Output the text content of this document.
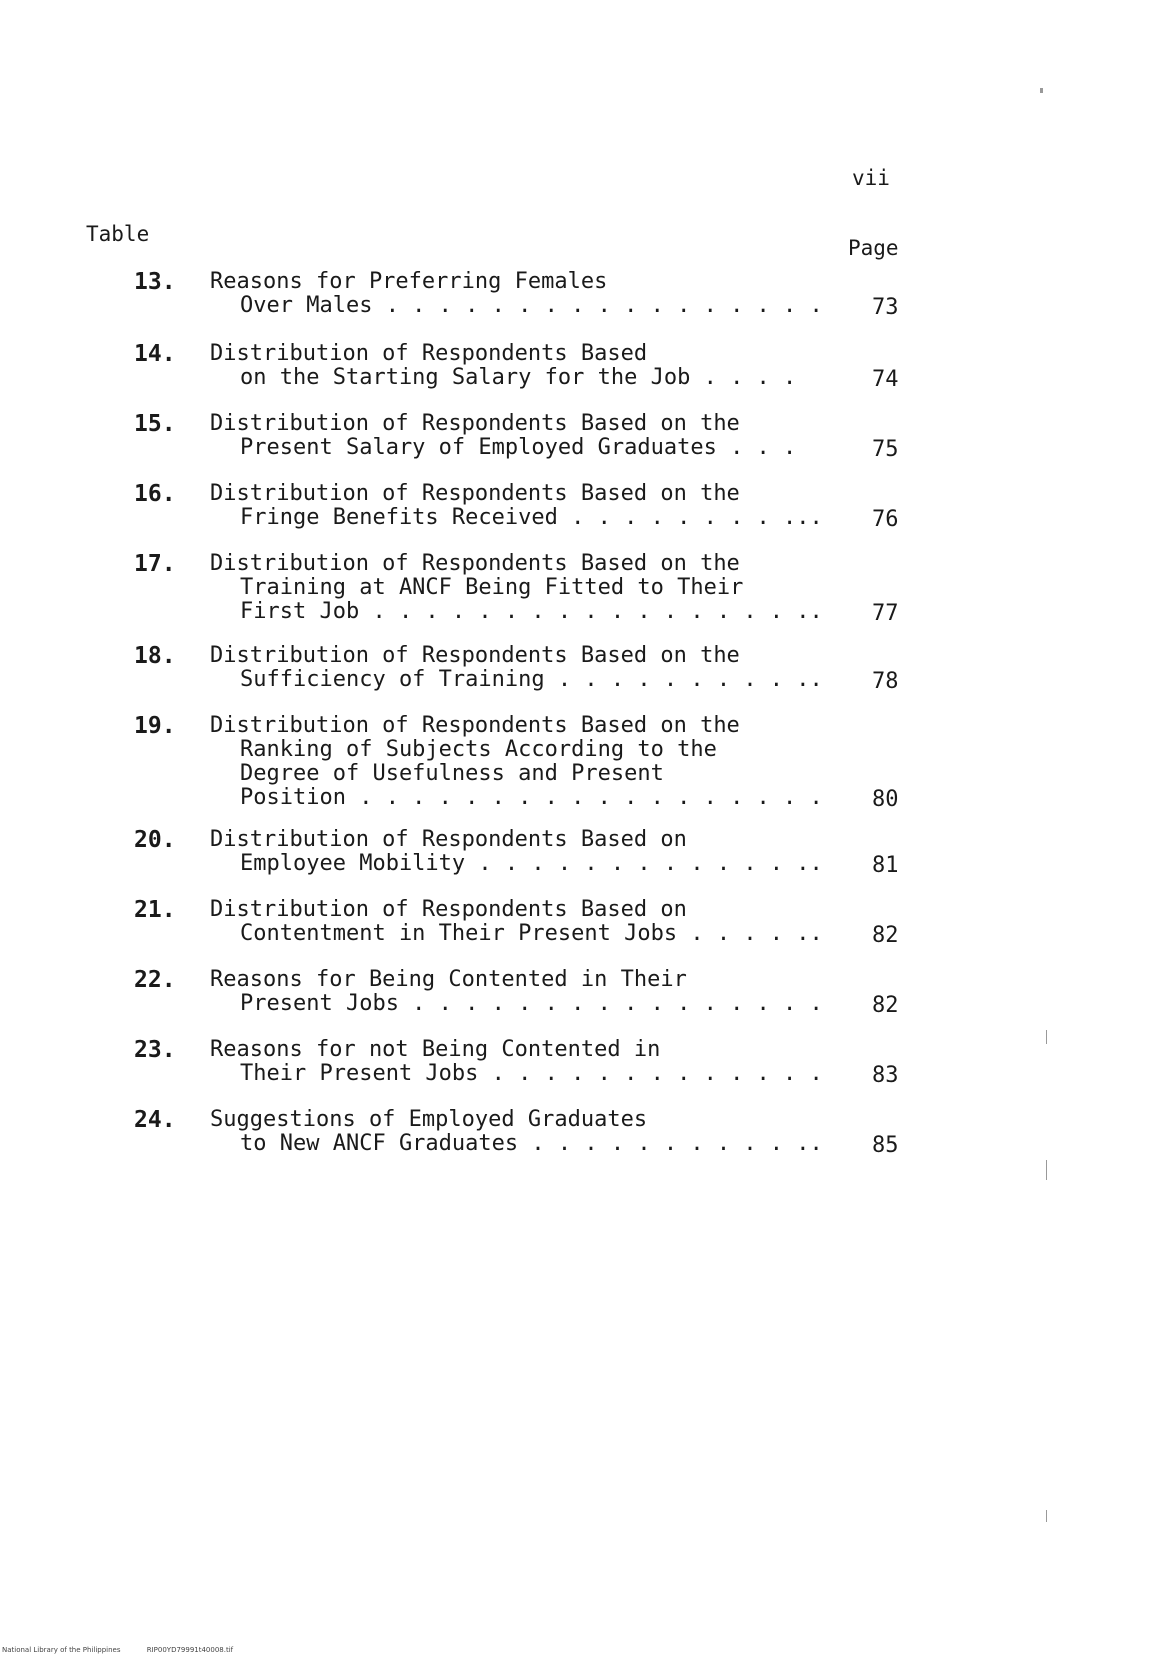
vii
Table
Page
13. Reasons for Preferring Females
Over Males . . . . . . . . . . . . . . . . .	73
14. Distribution of Respondents Based
on the Starting Salary for the Job . . . .	74
15. Distribution of Respondents Based on the
Present Salary of Employed Graduates . . .	75
16. Distribution of Respondents Based on the
Fringe Benefits Received . . . . . . . . ...	76
17. Distribution of Respondents Based on the
Training at ANCF Being Fitted to Their
First Job . . . . . . . . . . . . . . . . ..	77
18. Distribution of Respondents Based on the
Sufficiency of Training . . . . . . . . . ..	78
19. Distribution of Respondents Based on the
Ranking of Subjects According to the
Degree of Usefulness and Present
Position . . . . . . . . . . . . . . . . . .	80
20. Distribution of Respondents Based on
Employee Mobility . . . . . . . . . . . . ..	81
21. Distribution of Respondents Based on
Contentment in Their Present Jobs . . . . ..	82
22. Reasons for Being Contented in Their
Present Jobs . . . . . . . . . . . . . . . .	82
23. Reasons for not Being Contented in
Their Present Jobs . . . . . . . . . . . . .	83
24. Suggestions of Employed Graduates
to New ANCF Graduates . . . . . . . . . . ..	85
National Library of the Philippines	RIP00YD79991t40008.tif
